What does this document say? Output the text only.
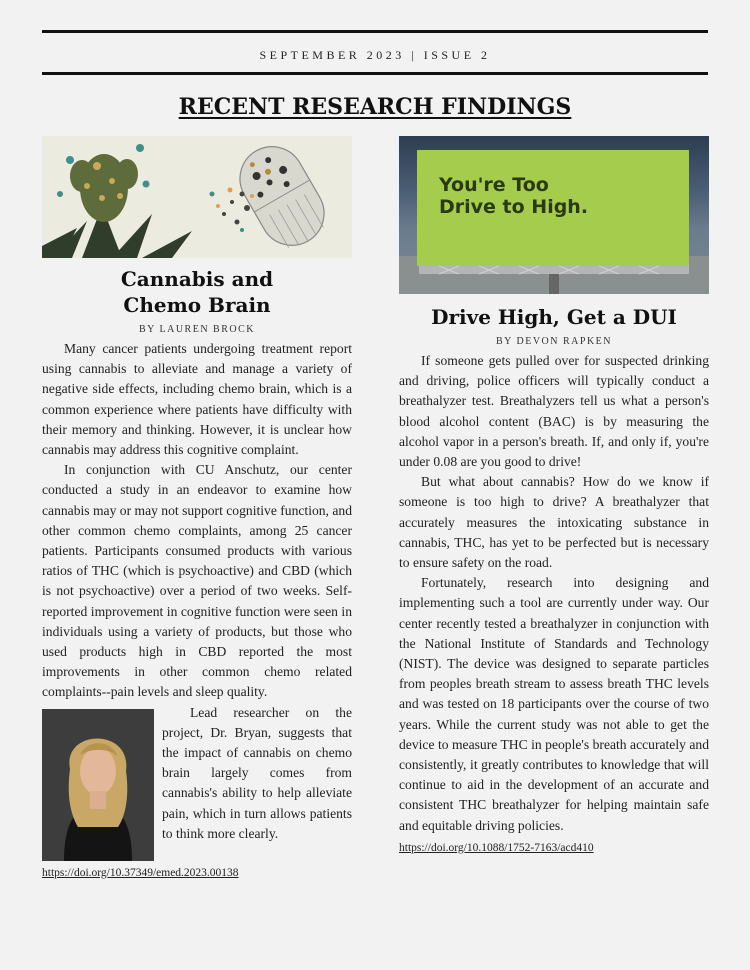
SEPTEMBER 2023 | ISSUE 2
RECENT RESEARCH FINDINGS
Cannabis and
Chemo Brain
BY LAUREN BROCK

Many cancer patients undergoing treatment report using cannabis to alleviate and manage a variety of negative side effects, including chemo brain, which is a common experience where patients have difficulty with their memory and thinking. However, it is unclear how cannabis may address this cognitive complaint.

In conjunction with CU Anschutz, our center conducted a study in an endeavor to examine how cannabis may or may not support cognitive function, and other common chemo complaints, among 25 cancer patients. Participants consumed products with various ratios of THC (which is psychoactive) and CBD (which is not psychoactive) over a period of two weeks. Self-reported improvement in cognitive function were seen in individuals using a variety of products, but those who used products high in CBD reported the most improvements in other common chemo related complaints--pain levels and sleep quality.

Lead researcher on the project, Dr. Bryan, suggests that the impact of cannabis on chemo brain largely comes from cannabis's ability to help alleviate pain, which in turn allows patients to think more clearly.

https://doi.org/10.37349/emed.2023.00138
You're Too
Drive to High.
Drive High, Get a DUI
BY DEVON RAPKEN

If someone gets pulled over for suspected drinking and driving, police officers will typically conduct a breathalyzer test. Breathalyzers tell us what a person's blood alcohol content (BAC) is by measuring the alcohol vapor in a person's breath. If, and only if, you're under 0.08 are you good to drive!

But what about cannabis? How do we know if someone is too high to drive? A breathalyzer that accurately measures the intoxicating substance in cannabis, THC, has yet to be perfected but is necessary to ensure safety on the road.

Fortunately, research into designing and implementing such a tool are currently under way. Our center recently tested a breathalyzer in conjunction with the National Institute of Standards and Technology (NIST). The device was designed to separate particles from peoples breath stream to assess breath THC levels and was tested on 18 participants over the course of two years. While the current study was not able to get the device to measure THC in people's breath accurately and consistently, it greatly contributes to knowledge that will continue to aid in the development of an accurate and consistent THC breathalyzer for helping maintain safe and equitable driving policies.

https://doi.org/10.1088/1752-7163/acd410
